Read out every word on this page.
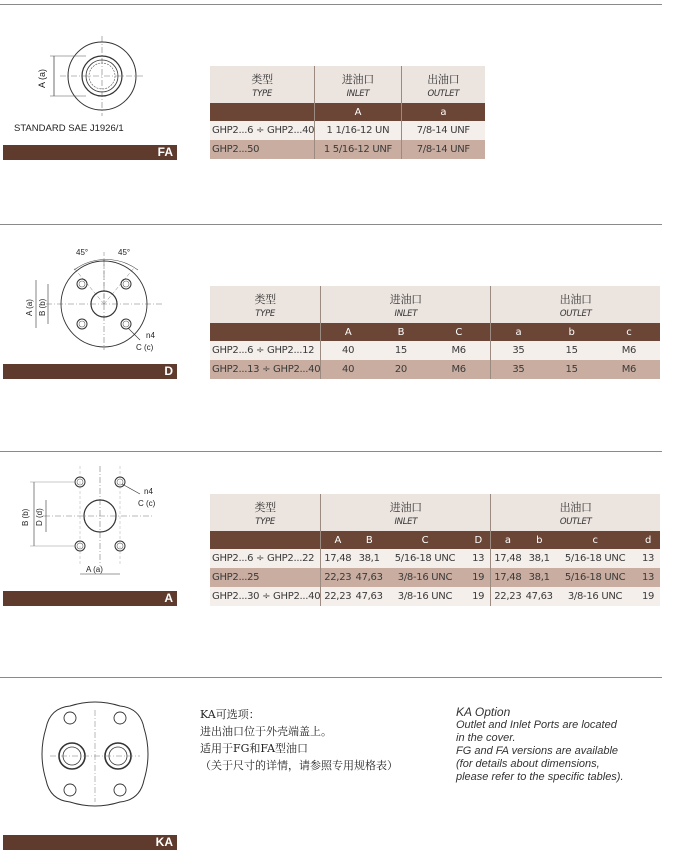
A (a)
STANDARD SAE J1926/1
FA
类型
TYPE	进油口
INLET	出油口
OUTLET

	A	a
GHP2...6 ÷ GHP2...40	1 1/16-12 UN	7/8-14 UNF
GHP2...50	1 5/16-12 UNF	7/8-14 UNF
45°	45°
A (a) B (b)
n4
C (c)
D
类型
TYPE	进油口
INLET			出油口
OUTLET		

	A	B	C	a	b	c
GHP2...6 ÷ GHP2...12	40	15	M6	35	15	M6
GHP2...13 ÷ GHP2...40	40	20	M6	35	15	M6
B (b) D (d)
n4
C (c)
A (a)
A
类型
TYPE	进油口
INLET				出油口
OUTLET			

	A	B	C	D	a	b	c	d
GHP2...6 ÷ GHP2...22	17,48	38,1	5/16-18 UNC	13	17,48	38,1	5/16-18 UNC	13
GHP2...25	22,23	47,63	3/8-16 UNC	19	17,48	38,1	5/16-18 UNC	13
GHP2...30 ÷ GHP2...40	22,23	47,63	3/8-16 UNC	19	22,23	47,63	3/8-16 UNC	19
KA
KA可选项：
进出油口位于外壳端盖上。
适用于FG和FA型油口
（关于尺寸的详情，请参照专用规格表）
KA Option
Outlet and Inlet Ports are located
in the cover.
FG and FA versions are available
(for details about dimensions,
please refer to the specific tables).
